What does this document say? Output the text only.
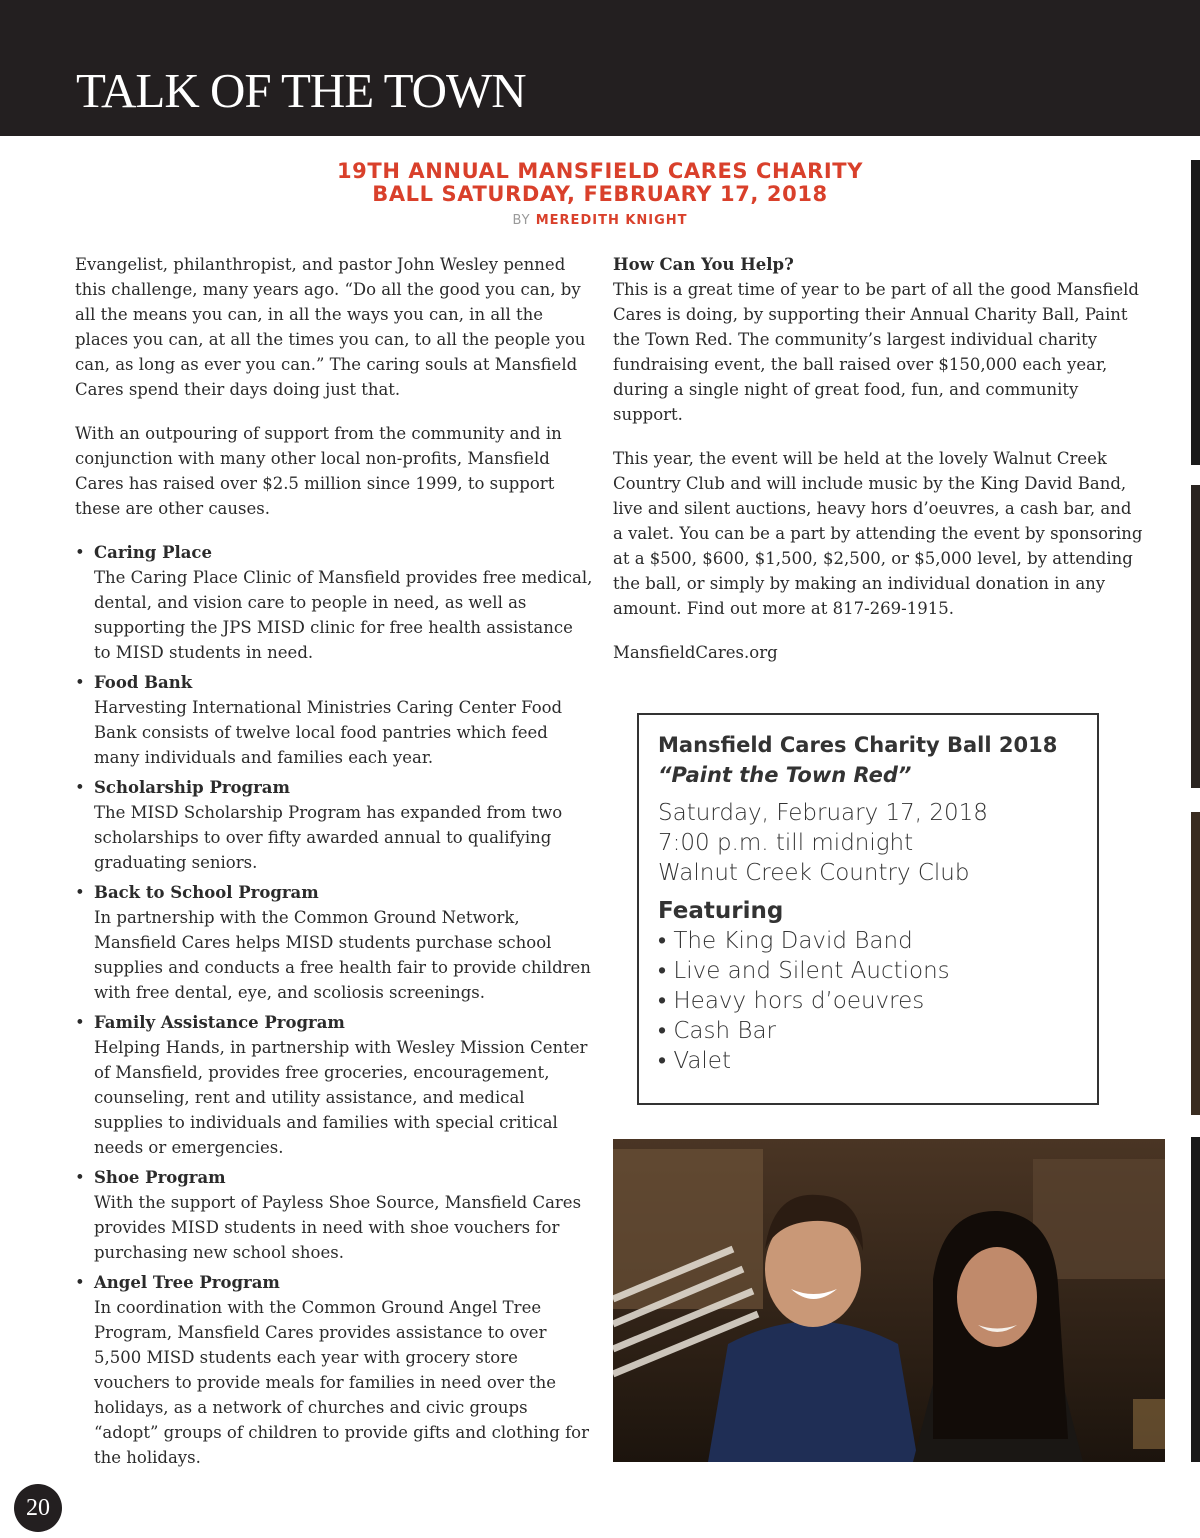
TALK OF THE TOWN
19TH ANNUAL MANSFIELD CARES CHARITY
BALL SATURDAY, FEBRUARY 17, 2018
BY MEREDITH KNIGHT

Evangelist, philanthropist, and pastor John Wesley penned this challenge, many years ago. “Do all the good you can, by all the means you can, in all the ways you can, in all the places you can, at all the times you can, to all the people you can, as long as ever you can.” The caring souls at Mansfield Cares spend their days doing just that.

With an outpouring of support from the community and in conjunction with many other local non-profits, Mansfield Cares has raised over $2.5 million since 1999, to support these are other causes.

• Caring Place
The Caring Place Clinic of Mansfield provides free medical, dental, and vision care to people in need, as well as supporting the JPS MISD clinic for free health assistance to MISD students in need.
• Food Bank
Harvesting International Ministries Caring Center Food Bank consists of twelve local food pantries which feed many individuals and families each year.
• Scholarship Program
The MISD Scholarship Program has expanded from two scholarships to over fifty awarded annual to qualifying graduating seniors.
• Back to School Program
In partnership with the Common Ground Network, Mansfield Cares helps MISD students purchase school supplies and conducts a free health fair to provide children with free dental, eye, and scoliosis screenings.
• Family Assistance Program
Helping Hands, in partnership with Wesley Mission Center of Mansfield, provides free groceries, encouragement, counseling, rent and utility assistance, and medical supplies to individuals and families with special critical needs or emergencies.
• Shoe Program
With the support of Payless Shoe Source, Mansfield Cares provides MISD students in need with shoe vouchers for purchasing new school shoes.
• Angel Tree Program
In coordination with the Common Ground Angel Tree Program, Mansfield Cares provides assistance to over 5,500 MISD students each year with grocery store vouchers to provide meals for families in need over the holidays, as a network of churches and civic groups “adopt” groups of children to provide gifts and clothing for the holidays.

How Can You Help?
This is a great time of year to be part of all the good Mansfield Cares is doing, by supporting their Annual Charity Ball, Paint the Town Red. The community’s largest individual charity fundraising event, the ball raised over $150,000 each year, during a single night of great food, fun, and community support.

This year, the event will be held at the lovely Walnut Creek Country Club and will include music by the King David Band, live and silent auctions, heavy hors d’oeuvres, a cash bar, and a valet. You can be a part by attending the event by sponsoring at a $500, $600, $1,500, $2,500, or $5,000 level, by attending the ball, or simply by making an individual donation in any amount. Find out more at 817-269-1915.

MansfieldCares.org

Mansfield Cares Charity Ball 2018
“Paint the Town Red”
Saturday, February 17, 2018
7:00 p.m. till midnight
Walnut Creek Country Club
Featuring
• The King David Band
• Live and Silent Auctions
• Heavy hors d’oeuvres
• Cash Bar
• Valet
20
